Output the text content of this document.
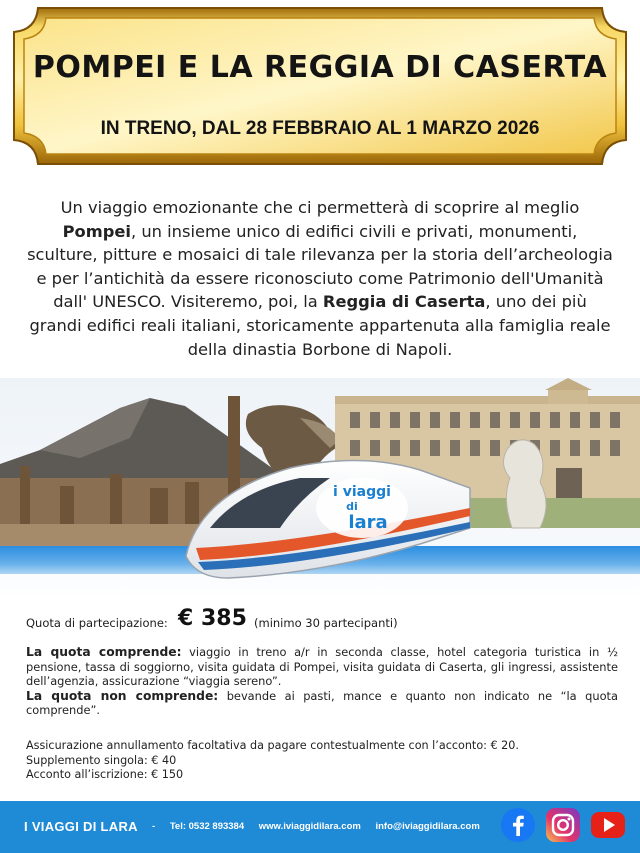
POMPEI E LA REGGIA DI CASERTA
IN TRENO, DAL 28 FEBBRAIO AL 1 MARZO 2026
Un viaggio emozionante che ci permetterà di scoprire al meglio Pompei, un insieme unico di edifici civili e privati, monumenti, sculture, pitture e mosaici di tale rilevanza per la storia dell’archeologia e per l’antichità da essere riconosciuto come Patrimonio dell'Umanità dall' UNESCO. Visiteremo, poi, la Reggia di Caserta, uno dei più grandi edifici reali italiani, storicamente appartenuta alla famiglia reale della dinastia Borbone di Napoli.
i viaggi
di
lara
Quota di partecipazione: € 385 (minimo 30 partecipanti)

La quota comprende: viaggio in treno a/r in seconda classe, hotel categoria turistica in ½ pensione, tassa di soggiorno, visita guidata di Pompei, visita guidata di Caserta, gli ingressi, assistente dell’agenzia, assicurazione “viaggia sereno”.

La quota non comprende: bevande ai pasti, mance e quanto non indicato ne “la quota comprende”.

Assicurazione annullamento facoltativa da pagare contestualmente con l’acconto: € 20.
Supplemento singola: € 40
Acconto all’iscrizione: € 150
I VIAGGI DI LARA - Tel: 0532 893384 www.iviaggidilara.com info@iviaggidilara.com
